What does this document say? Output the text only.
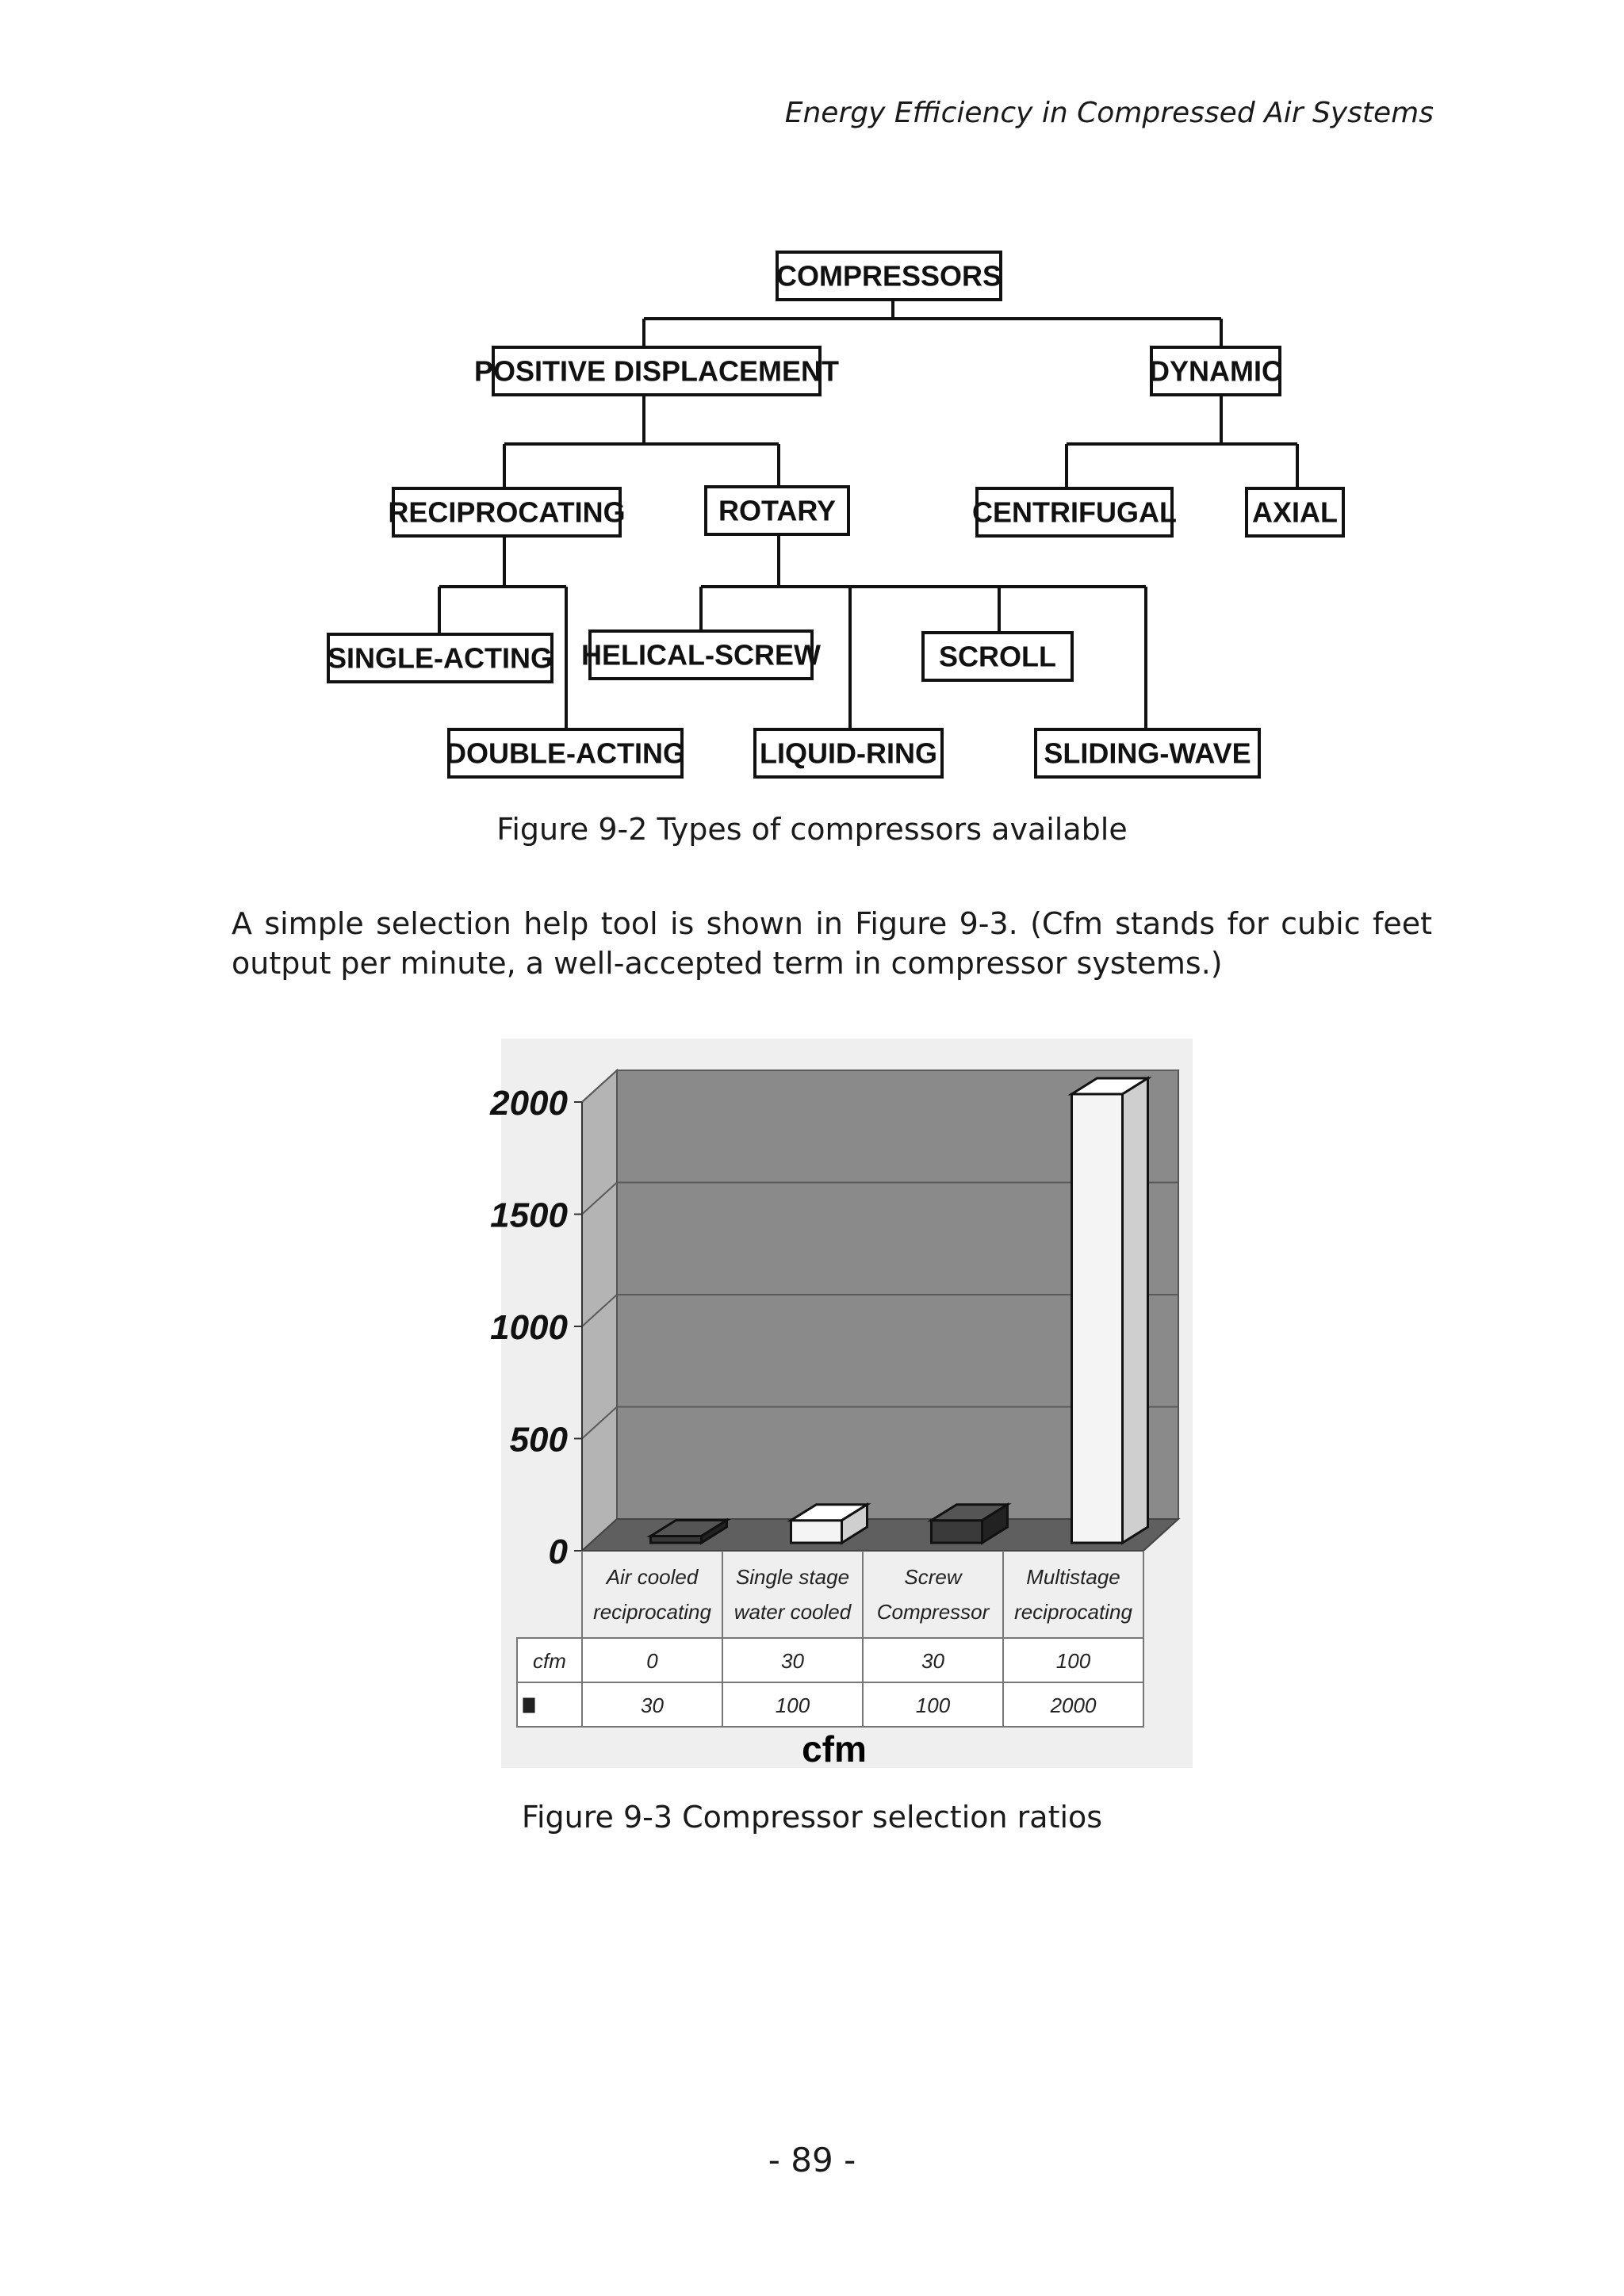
Energy Efficiency in Compressed Air Systems
COMPRESSORS
POSITIVE DISPLACEMENT	DYNAMIC
RECIPROCATING	ROTARY	CENTRIFUGAL	AXIAL
SINGLE-ACTING HELICAL-SCREW	SCROLL
DOUBLE-ACTING	LIQUID-RING	SLIDING-WAVE
Figure 9-2 Types of compressors available
A simple selection help tool is shown in Figure 9-3. (Cfm stands for cubic feet output per minute, a well-accepted term in compressor systems.)
0
500
1000
1500
2000
Air cooled
reciprocating
Single stage
water cooled
Screw
Compressor
Multistage
reciprocating
cfm	0	30	30	100
30	100	100	2000
cfm
Figure 9-3 Compressor selection ratios
- 89 -
